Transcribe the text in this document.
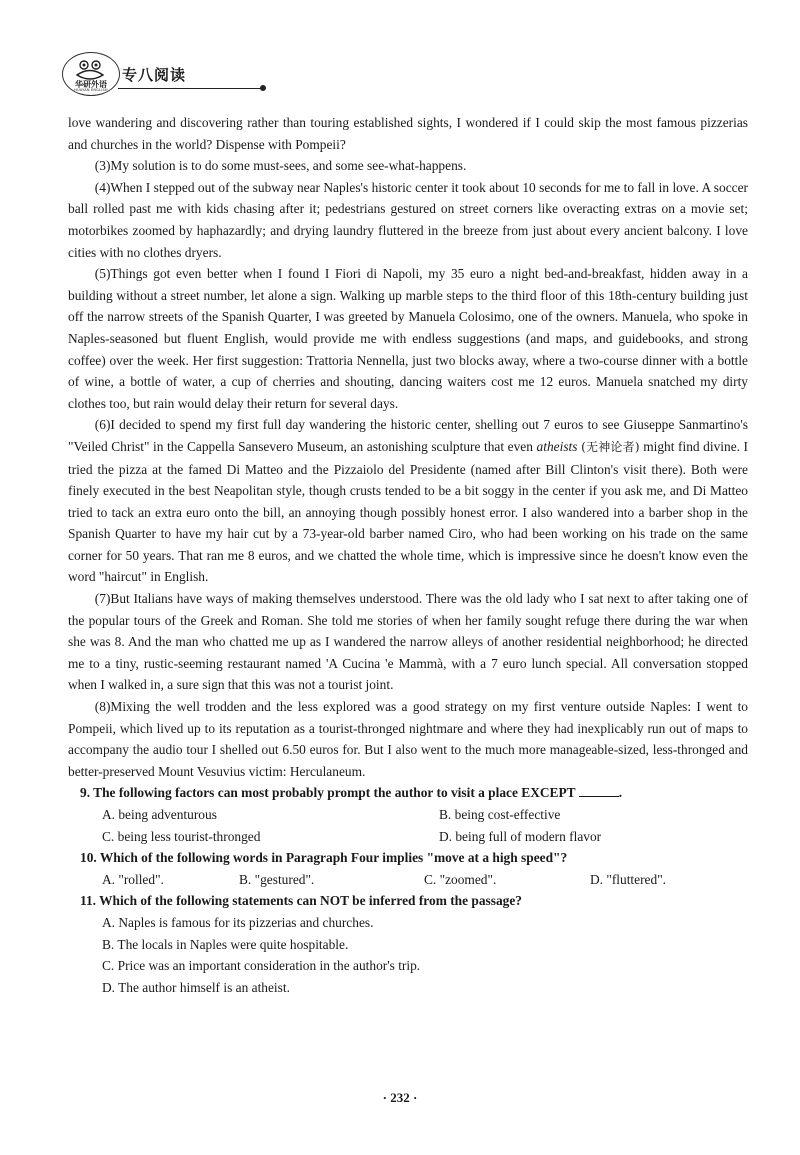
华研外语
HUAYAN ENGLISH
专八阅读

love wandering and discovering rather than touring established sights, I wondered if I could skip the most famous pizzerias and churches in the world? Dispense with Pompeii?

(3)My solution is to do some must-sees, and some see-what-happens.

(4)When I stepped out of the subway near Naples's historic center it took about 10 seconds for me to fall in love. A soccer ball rolled past me with kids chasing after it; pedestrians gestured on street corners like overacting extras on a movie set; motorbikes zoomed by haphazardly; and drying laundry fluttered in the breeze from just about every ancient balcony. I love cities with no clothes dryers.

(5)Things got even better when I found I Fiori di Napoli, my 35 euro a night bed-and-breakfast, hidden away in a building without a street number, let alone a sign. Walking up marble steps to the third floor of this 18th-century building just off the narrow streets of the Spanish Quarter, I was greeted by Manuela Colosimo, one of the owners. Manuela, who spoke in Naples-seasoned but fluent English, would provide me with endless suggestions (and maps, and guidebooks, and strong coffee) over the week. Her first suggestion: Trattoria Nennella, just two blocks away, where a two-course dinner with a bottle of wine, a bottle of water, a cup of cherries and shouting, dancing waiters cost me 12 euros. Manuela snatched my dirty clothes too, but rain would delay their return for several days.

(6)I decided to spend my first full day wandering the historic center, shelling out 7 euros to see Giuseppe Sanmartino's "Veiled Christ" in the Cappella Sansevero Museum, an astonishing sculpture that even atheists (无神论者) might find divine. I tried the pizza at the famed Di Matteo and the Pizzaiolo del Presidente (named after Bill Clinton's visit there). Both were finely executed in the best Neapolitan style, though crusts tended to be a bit soggy in the center if you ask me, and Di Matteo tried to tack an extra euro onto the bill, an annoying though possibly honest error. I also wandered into a barber shop in the Spanish Quarter to have my hair cut by a 73-year-old barber named Ciro, who had been working on his trade on the same corner for 50 years. That ran me 8 euros, and we chatted the whole time, which is impressive since he doesn't know even the word "haircut" in English.

(7)But Italians have ways of making themselves understood. There was the old lady who I sat next to after taking one of the popular tours of the Greek and Roman. She told me stories of when her family sought refuge there during the war when she was 8. And the man who chatted me up as I wandered the narrow alleys of another residential neighborhood; he directed me to a tiny, rustic-seeming restaurant named 'A Cucina 'e Mammà, with a 7 euro lunch special. All conversation stopped when I walked in, a sure sign that this was not a tourist joint.

(8)Mixing the well trodden and the less explored was a good strategy on my first venture outside Naples: I went to Pompeii, which lived up to its reputation as a tourist-thronged nightmare and where they had inexplicably run out of maps to accompany the audio tour I shelled out 6.50 euros for. But I also went to the much more manageable-sized, less-thronged and better-preserved Mount Vesuvius victim: Herculaneum.

9. The following factors can most probably prompt the author to visit a place EXCEPT	.

A. being adventurous	B. being cost-effective
C. being less tourist-thronged	D. being full of modern flavor

10. Which of the following words in Paragraph Four implies "move at a high speed"?

A. "rolled".	B. "gestured".	C. "zoomed".	D. "fluttered".

11. Which of the following statements can NOT be inferred from the passage?

A. Naples is famous for its pizzerias and churches.
B. The locals in Naples were quite hospitable.
C. Price was an important consideration in the author's trip.
D. The author himself is an atheist.
· 232 ·
